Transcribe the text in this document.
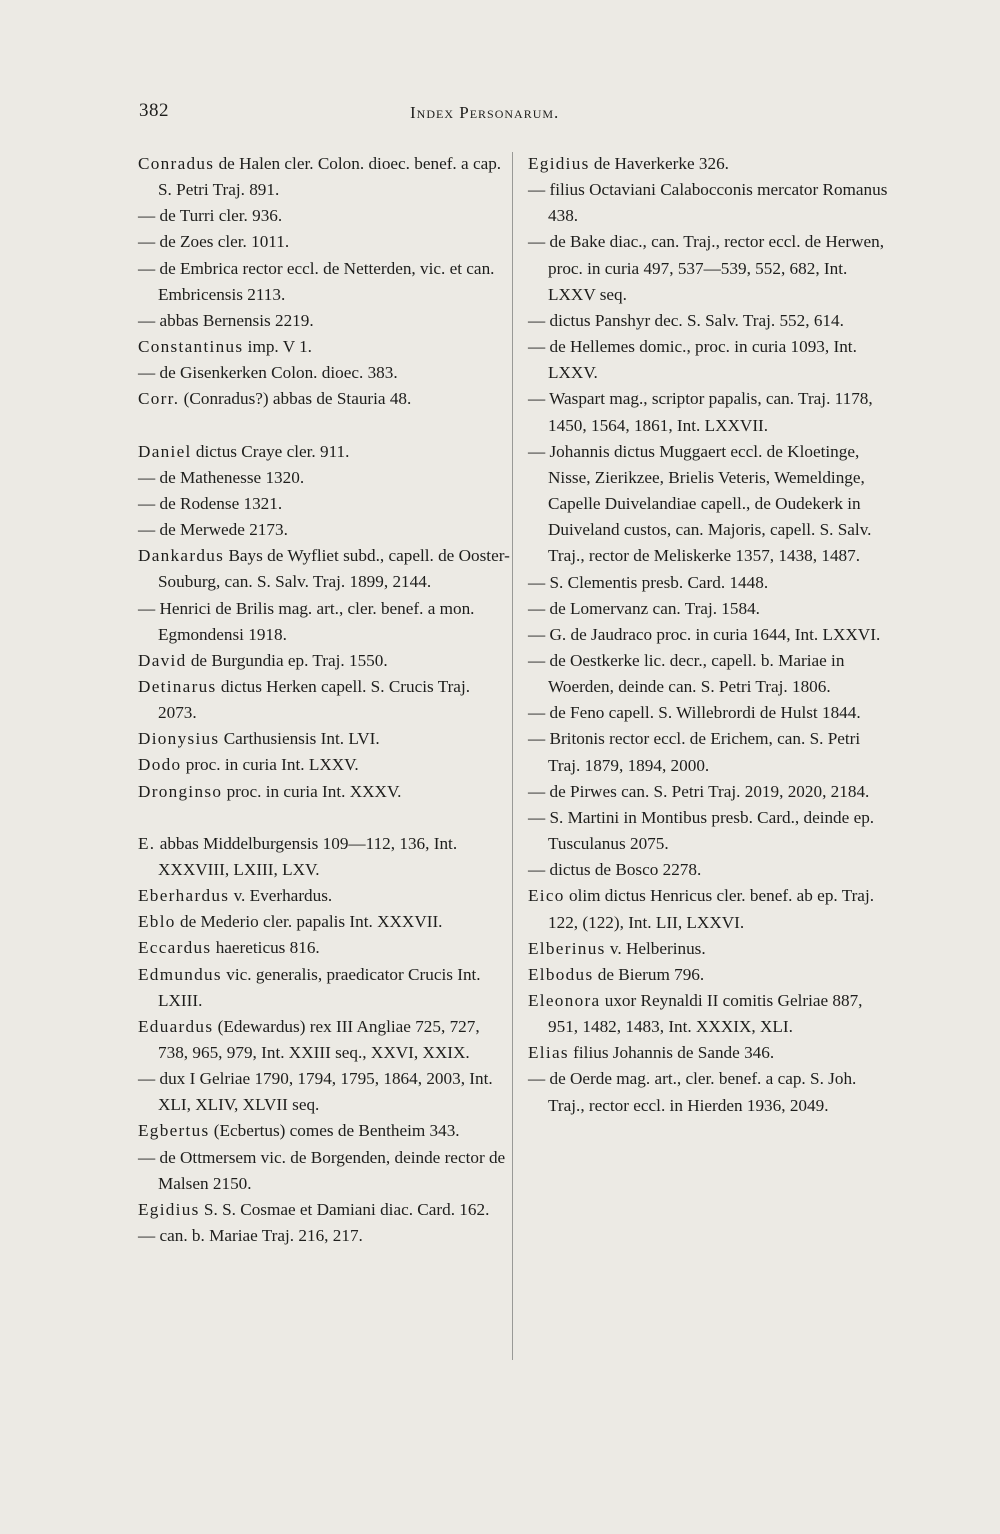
382	Index Personarum.

Conradus de Halen cler. Colon. dioec. benef. a cap. S. Petri Traj. 891.

— de Turri cler. 936.

— de Zoes cler. 1011.

— de Embrica rector eccl. de Netterden, vic. et can. Embricensis 2113.

— abbas Bernensis 2219.

Constantinus imp. V 1.

— de Gisenkerken Colon. dioec. 383.

Corr. (Conradus?) abbas de Stauria 48.

Daniel dictus Craye cler. 911.

— de Mathenesse 1320.

— de Rodense 1321.

— de Merwede 2173.

Dankardus Bays de Wyfliet subd., capell. de Ooster-Souburg, can. S. Salv. Traj. 1899, 2144.

— Henrici de Brilis mag. art., cler. benef. a mon. Egmondensi 1918.

David de Burgundia ep. Traj. 1550.

Detinarus dictus Herken capell. S. Crucis Traj. 2073.

Dionysius Carthusiensis Int. LVI.

Dodo proc. in curia Int. LXXV.

Dronginso proc. in curia Int. XXXV.

E. abbas Middelburgensis 109—112, 136, Int. XXXVIII, LXIII, LXV.

Eberhardus v. Everhardus.

Eblo de Mederio cler. papalis Int. XXXVII.

Eccardus haereticus 816.

Edmundus vic. generalis, praedicator Crucis Int. LXIII.

Eduardus (Edewardus) rex III Angliae 725, 727, 738, 965, 979, Int. XXIII seq., XXVI, XXIX.

— dux I Gelriae 1790, 1794, 1795, 1864, 2003, Int. XLI, XLIV, XLVII seq.

Egbertus (Ecbertus) comes de Bentheim 343.

— de Ottmersem vic. de Borgenden, deinde rector de Malsen 2150.

Egidius S. S. Cosmae et Damiani diac. Card. 162.

— can. b. Mariae Traj. 216, 217.

Egidius de Haverkerke 326.

— filius Octaviani Calabocconis mercator Romanus 438.

— de Bake diac., can. Traj., rector eccl. de Herwen, proc. in curia 497, 537—539, 552, 682, Int. LXXV seq.

— dictus Panshyr dec. S. Salv. Traj. 552, 614.

— de Hellemes domic., proc. in curia 1093, Int. LXXV.

— Waspart mag., scriptor papalis, can. Traj. 1178, 1450, 1564, 1861, Int. LXXVII.

— Johannis dictus Muggaert eccl. de Kloetinge, Nisse, Zierikzee, Brielis Veteris, Wemeldinge, Capelle Duivelandiae capell., de Oudekerk in Duiveland custos, can. Majoris, capell. S. Salv. Traj., rector de Meliskerke 1357, 1438, 1487.

— S. Clementis presb. Card. 1448.

— de Lomervanz can. Traj. 1584.

— G. de Jaudraco proc. in curia 1644, Int. LXXVI.

— de Oestkerke lic. decr., capell. b. Mariae in Woerden, deinde can. S. Petri Traj. 1806.

— de Feno capell. S. Willebrordi de Hulst 1844.

— Britonis rector eccl. de Erichem, can. S. Petri Traj. 1879, 1894, 2000.

— de Pirwes can. S. Petri Traj. 2019, 2020, 2184.

— S. Martini in Montibus presb. Card., deinde ep. Tusculanus 2075.

— dictus de Bosco 2278.

Eico olim dictus Henricus cler. benef. ab ep. Traj. 122, (122), Int. LII, LXXVI.

Elberinus v. Helberinus.

Elbodus de Bierum 796.

Eleonora uxor Reynaldi II comitis Gelriae 887, 951, 1482, 1483, Int. XXXIX, XLI.

Elias filius Johannis de Sande 346.

— de Oerde mag. art., cler. benef. a cap. S. Joh. Traj., rector eccl. in Hierden 1936, 2049.
